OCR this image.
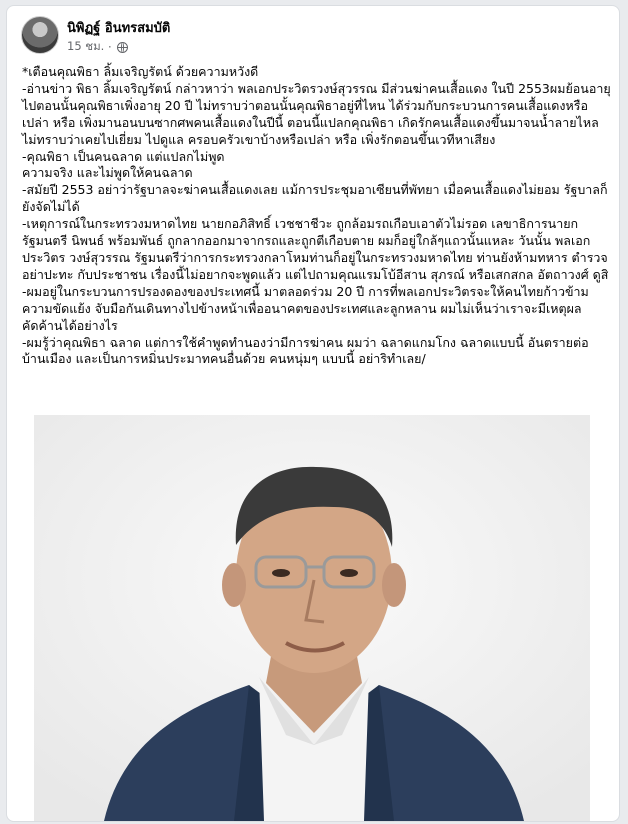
นิพิฏฐ์ อินทรสมบัติ
15 ชม. ·

*เตือนคุณพิธา ลิ้มเจริญรัตน์ ด้วยความหวังดี

-อ่านข่าว พิธา ลิ้มเจริญรัตน์ กล่าวหาว่า พลเอกประวิตรวงษ์สุวรรณ มีส่วนฆ่าคนเสื้อแดง ในปี 2553ผมย้อนอายุไปตอนนั้นคุณพิธาเพิ่งอายุ 20 ปี ไม่ทราบว่าตอนนั้นคุณพิธาอยู่ที่ไหน ได้ร่วมกับกระบวนการคนเสื้อแดงหรือเปล่า หรือ เพิ่งมานอนบนซากศพคนเสื้อแดงในปีนี้ ตอนนี้แปลกคุณพิธา เกิดรักคนเสื้อแดงขึ้นมาจนน้ำลายไหล ไม่ทราบว่าเคยไปเยี่ยม ไปดูแล ครอบครัวเขาบ้างหรือเปล่า หรือ เพิ่งรักตอนขึ้นเวทีหาเสียง

-คุณพิธา เป็นคนฉลาด แต่แปลกไม่พูด

ความจริง และไม่พูดให้คนฉลาด

-สมัยปี 2553 อย่าว่ารัฐบาลจะฆ่าคนเสื้อแดงเลย แม้การประชุมอาเซียนที่พัทยา เมื่อคนเสื้อแดงไม่ยอม รัฐบาลก็ยังจัดไม่ได้

-เหตุการณ์ในกระทรวงมหาดไทย นายกอภิสิทธิ์ เวชชาชีวะ ถูกล้อมรถเกือบเอาตัวไม่รอด เลขาธิการนายกรัฐมนตรี นิพนธ์ พร้อมพันธ์ ถูกลากออกมาจากรถและถูกตีเกือบตาย ผมก็อยู่ใกล้ๆแถวนั้นแหละ วันนั้น พลเอกประวิตร วงษ์สุวรรณ รัฐมนตรีว่าการกระทรวงกลาโหมท่านก็อยู่ในกระทรวงมหาดไทย ท่านยังห้ามทหาร ตำรวจ อย่าปะทะ กับประชาชน เรื่องนี้ไม่อยากจะพูดแล้ว แต่ไปถามคุณแรมโบ้อีสาน สุภรณ์ หรือเสกสกล อัตถาวงศ์ ดูสิ

-ผมอยู่ในกระบวนการปรองดองของประเทศนี้ มาตลอดร่วม 20 ปี การที่พลเอกประวิตรจะให้คนไทยก้าวข้ามความขัดแย้ง จับมือกันเดินทางไปข้างหน้าเพื่ออนาคตของประเทศและลูกหลาน ผมไม่เห็นว่าเราจะมีเหตุผลคัดค้านได้อย่างไร

-ผมรู้ว่าคุณพิธา ฉลาด แต่การใช้คำพูดทำนองว่ามีการฆ่าคน ผมว่า ฉลาดแกมโกง ฉลาดแบบนี้ อันตรายต่อบ้านเมือง และเป็นการหมิ่นประมาทคนอื่นด้วย คนหนุ่มๆ แบบนี้ อย่าริทำเลย/
